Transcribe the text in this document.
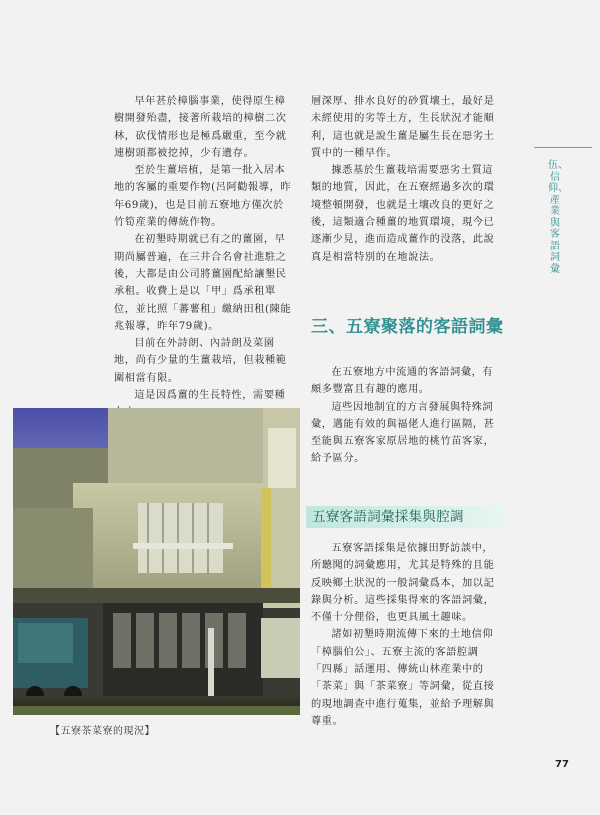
早年甚於樟腦事業，使得原生樟樹開發殆盡，接著所栽培的樟樹二次林，砍伐情形也是極爲嚴重，至今就連樹頭都被挖掉，少有遺存。

至於生薑培植，是第一批入居本地的客屬的重要作物(呂阿勸報導，昨年69歲)，也是目前五寮地方僅次於竹筍産業的傳統作物。

在初墾時期就已有之的薑園，早期尚屬普遍，在三井合名會社進駐之後，大都是由公司將薑園配給讓墾民承租。收費上是以「甲」爲承租單位，並比照「蕃薯租」繳納田租(陳能兆報導，昨年79歲)。

目前在外詩朗、內詩朗及菜園地，尚有少量的生薑栽培，但栽種範圍相當有限。

這是因爲薑的生長特性，需要種

層深厚、排水良好的砂質壤土，最好是未經使用的劣等土方，生長狀況才能順利，這也就是說生薑是屬生長在惡劣土質中的一種早作。

據悉基於生薑栽培需要惡劣土質這類的地質，因此，在五寮經過多次的環境整頓開發，也就是土壤改良的更好之後，這類適合種薑的地質環境，現今已逐漸少見，進而造成薑作的没落，此說真是相當特別的在地說法。

伍、信仰、產業與客語詞彙
三、五寮聚落的客語詞彙

在五寮地方中流通的客語詞彙，有頗多豐富且有趣的應用。

這些因地制宜的方言發展與特殊詞彙，邁能有效的與福佬人進行區隔，甚至能與五寮客家原居地的桃竹苗客家，給予區分。

五寮客語詞彙採集與腔調

五寮客語採集是依據田野訪談中，所聽聞的詞彙應用，尤其是特殊的且能反映鄉土狀況的一般詞彙爲本，加以記錄與分析。這些採集得來的客語詞彙，不僅十分俚俗，也更具風土趣味。

諸如初墾時期流傳下來的土地信仰「樟腦伯公」、五寮主流的客語腔調「四縣」話運用、傳統山林産業中的「茶菜」與「茶菜寮」等詞彙，從直接的現地調查中進行蒐集，並給予理解與尊重。

【五寮茶菜寮的現況】
77
